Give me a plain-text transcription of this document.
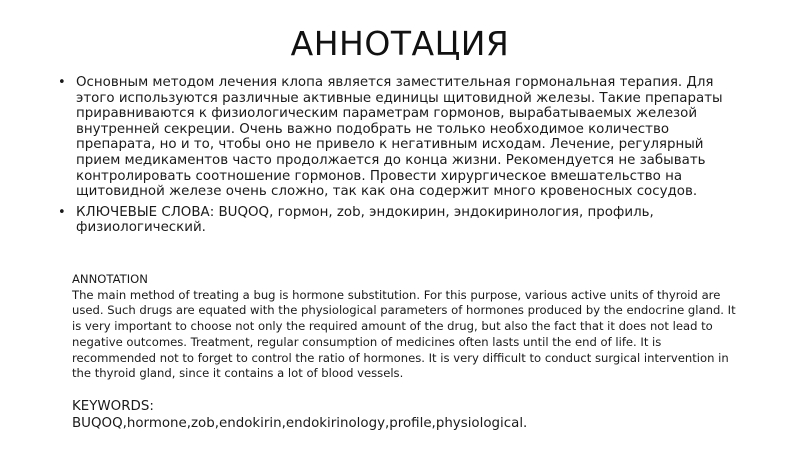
АННОТАЦИЯ
• Основным методом лечения клопа является заместительная гормональная терапия. Для этого используются различные активные единицы щитовидной железы. Такие препараты приравниваются к физиологическим параметрам гормонов, вырабатываемых железой внутренней секреции. Очень важно подобрать не только необходимое количество препарата, но и то, чтобы оно не привело к негативным исходам. Лечение, регулярный прием медикаментов часто продолжается до конца жизни. Рекомендуется не забывать контролировать соотношение гормонов. Провести хирургическое вмешательство на щитовидной железе очень сложно, так как она содержит много кровеносных сосудов.
• КЛЮЧЕВЫЕ СЛОВА: BUQOQ, гормон, zob, эндокирин, эндокиринология, профиль, физиологический.
ANNOTATION
The main method of treating a bug is hormone substitution. For this purpose, various active units of thyroid are used. Such drugs are equated with the physiological parameters of hormones produced by the endocrine gland. It is very important to choose not only the required amount of the drug, but also the fact that it does not lead to negative outcomes. Treatment, regular consumption of medicines often lasts until the end of life. It is recommended not to forget to control the ratio of hormones. It is very difficult to conduct surgical intervention in the thyroid gland, since it contains a lot of blood vessels.
KEYWORDS:
BUQOQ,hormone,zob,endokirin,endokirinology,profile,physiological.
